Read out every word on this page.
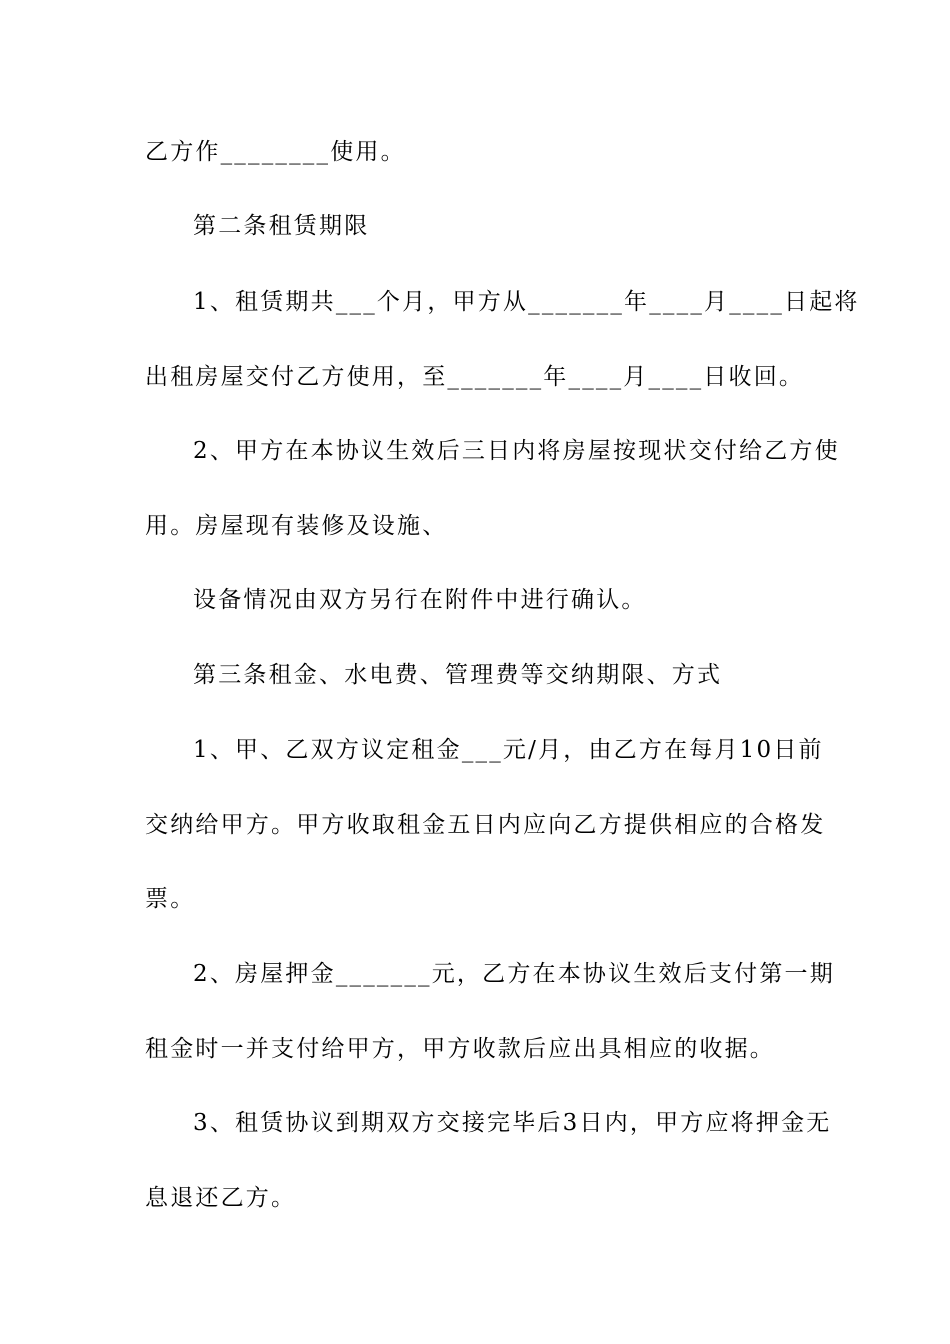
乙方作________使用。
第二条租赁期限
1、租赁期共___个月，甲方从_______年____月____日起将
出租房屋交付乙方使用，至_______年____月____日收回。
2、甲方在本协议生效后三日内将房屋按现状交付给乙方使
用。房屋现有装修及设施、
设备情况由双方另行在附件中进行确认。
第三条租金、水电费、管理费等交纳期限、方式
1、甲、乙双方议定租金___元/月，由乙方在每月10日前
交纳给甲方。甲方收取租金五日内应向乙方提供相应的合格发
票。
2、房屋押金_______元，乙方在本协议生效后支付第一期
租金时一并支付给甲方，甲方收款后应出具相应的收据。
3、租赁协议到期双方交接完毕后3日内，甲方应将押金无
息退还乙方。
